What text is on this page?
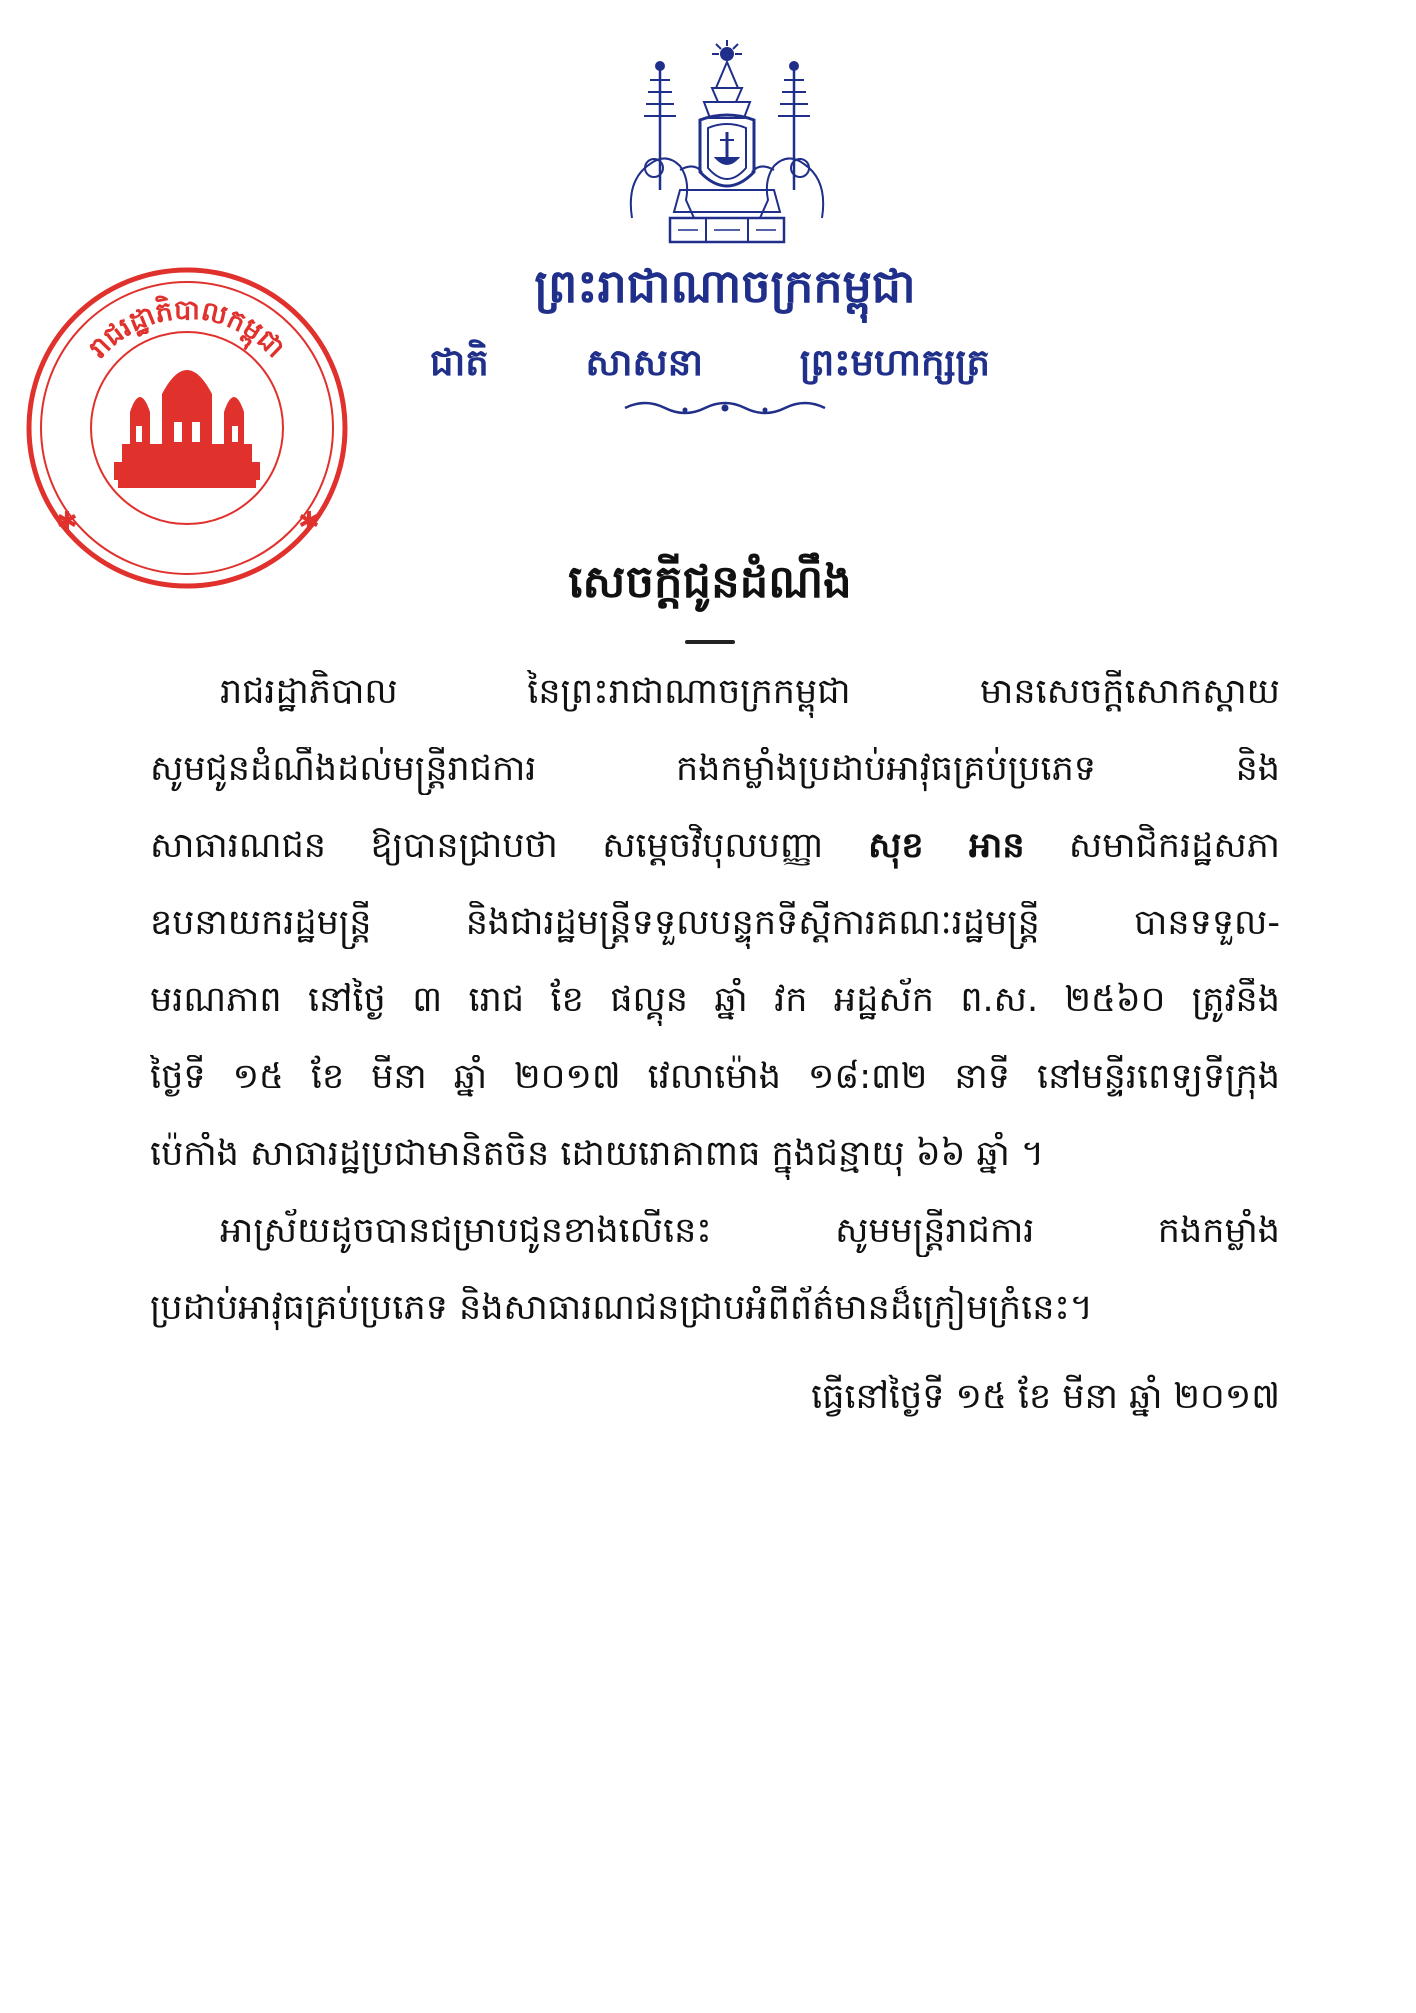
ព្រះរាជាណាចក្រកម្ពុជា
ជាតិ	សាសនា	ព្រះមហាក្សត្រ
រាជរដ្ឋាភិបាលកម្ពុជា
✱	✱
សេចក្តីជូនដំណឹង
រាជរដ្ឋាភិបាល នៃព្រះរាជាណាចក្រកម្ពុជា មានសេចក្តីសោកស្តាយ
សូមជូនដំណឹងដល់មន្ត្រីរាជការ កងកម្លាំងប្រដាប់អាវុធគ្រប់ប្រភេទ និង
សាធារណជន ឱ្យបានជ្រាបថា សម្តេចវិបុលបញ្ញា សុខ អាន សមាជិករដ្ឋសភា
ឧបនាយករដ្ឋមន្ត្រី និងជារដ្ឋមន្ត្រីទទួលបន្ទុកទីស្តីការគណៈរដ្ឋមន្ត្រី បានទទួល-
មរណភាព នៅថ្ងៃ ៣ រោជ ខែ ផល្គុន ឆ្នាំ វក អដ្ឋស័ក ព.ស. ២៥៦០ ត្រូវនឹង
ថ្ងៃទី ១៥ ខែ មីនា ឆ្នាំ ២០១៧ វេលាម៉ោង ១៨:៣២ នាទី នៅមន្ទីរពេទ្យទីក្រុង
ប៉េកាំង សាធារដ្ឋប្រជាមានិតចិន ដោយរោគាពាធ ក្នុងជន្មាយុ ៦៦ ឆ្នាំ ។
អាស្រ័យដូចបានជម្រាបជូនខាងលើនេះ សូមមន្ត្រីរាជការ កងកម្លាំង
ប្រដាប់អាវុធគ្រប់ប្រភេទ និងសាធារណជនជ្រាបអំពីព័ត៌មានដ៏ក្រៀមក្រំនេះ។
ធ្វើនៅថ្ងៃទី ១៥ ខែ មីនា ឆ្នាំ ២០១៧
